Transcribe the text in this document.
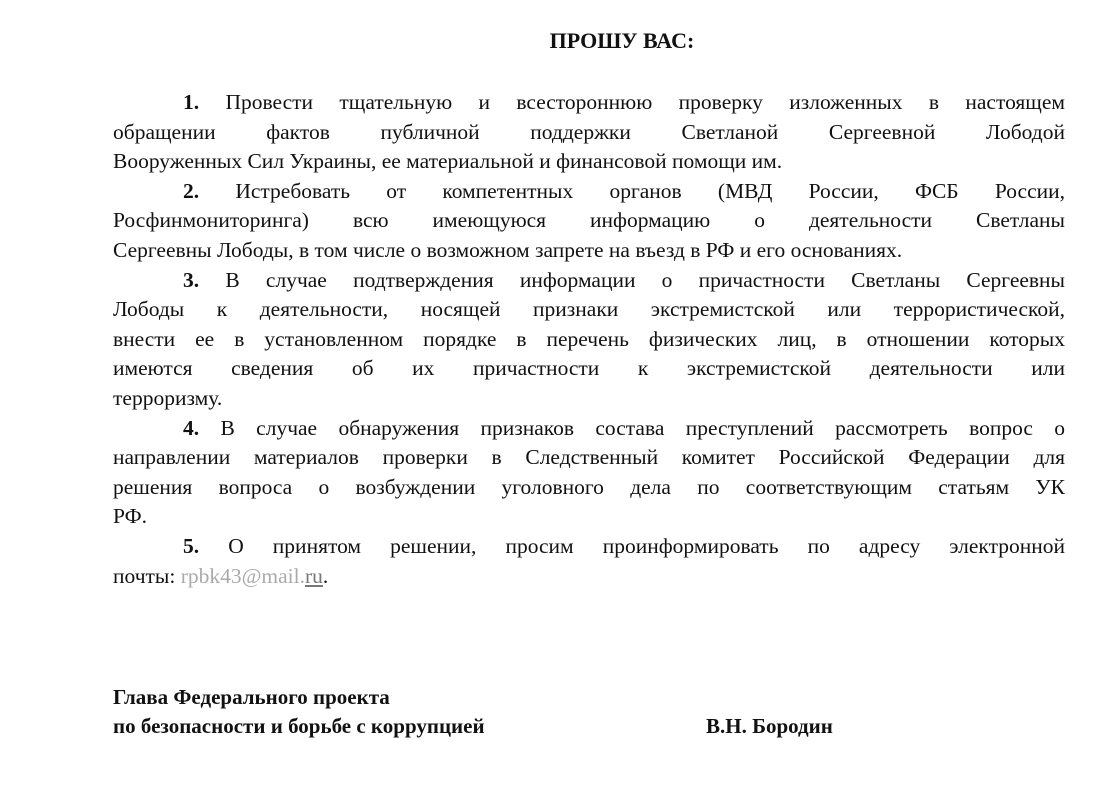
ПРОШУ ВАС:
1. Провести тщательную и всестороннюю проверку изложенных в настоящем
обращении фактов публичной поддержки Светланой Сергеевной Лободой
Вооруженных Сил Украины, ее материальной и финансовой помощи им.
2. Истребовать от компетентных органов (МВД России, ФСБ России,
Росфинмониторинга) всю имеющуюся информацию о деятельности Светланы
Сергеевны Лободы, в том числе о возможном запрете на въезд в РФ и его основаниях.
3. В случае подтверждения информации о причастности Светланы Сергеевны
Лободы к деятельности, носящей признаки экстремистской или террористической,
внести ее в установленном порядке в перечень физических лиц, в отношении которых
имеются сведения об их причастности к экстремистской деятельности или
терроризму.
4. В случае обнаружения признаков состава преступлений рассмотреть вопрос о
направлении материалов проверки в Следственный комитет Российской Федерации для
решения вопроса о возбуждении уголовного дела по соответствующим статьям УК
РФ.
5. О принятом решении, просим проинформировать по адресу электронной
почты: rpbk43@mail.ru.
Глава Федерального проекта
по безопасности и борьбе с коррупцией	В.Н. Бородин
